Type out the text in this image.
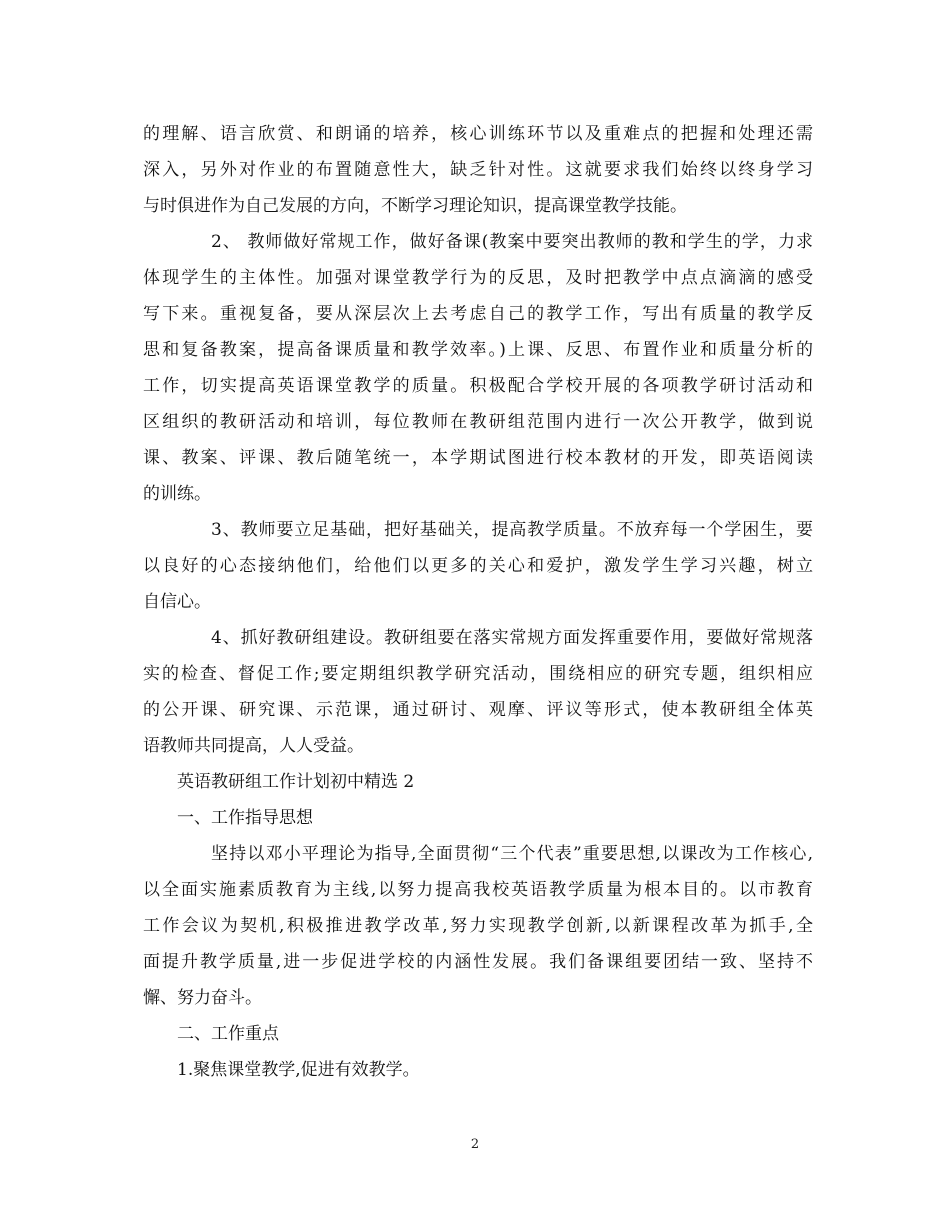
的理解、语言欣赏、和朗诵的培养，核心训练环节以及重难点的把握和处理还需
深入，另外对作业的布置随意性大，缺乏针对性。这就要求我们始终以终身学习
与时俱进作为自己发展的方向，不断学习理论知识，提高课堂教学技能。
2、 教师做好常规工作，做好备课(教案中要突出教师的教和学生的学，力求
体现学生的主体性。加强对课堂教学行为的反思，及时把教学中点点滴滴的感受
写下来。重视复备，要从深层次上去考虑自己的教学工作，写出有质量的教学反
思和复备教案，提高备课质量和教学效率。)上课、反思、布置作业和质量分析的
工作，切实提高英语课堂教学的质量。积极配合学校开展的各项教学研讨活动和
区组织的教研活动和培训，每位教师在教研组范围内进行一次公开教学，做到说
课、教案、评课、教后随笔统一，本学期试图进行校本教材的开发，即英语阅读
的训练。
3、教师要立足基础，把好基础关，提高教学质量。不放弃每一个学困生，要
以良好的心态接纳他们，给他们以更多的关心和爱护，激发学生学习兴趣，树立
自信心。
4、抓好教研组建设。教研组要在落实常规方面发挥重要作用，要做好常规落
实的检查、督促工作;要定期组织教学研究活动，围绕相应的研究专题，组织相应
的公开课、研究课、示范课，通过研讨、观摩、评议等形式，使本教研组全体英
语教师共同提高，人人受益。
英语教研组工作计划初中精选 2
一、工作指导思想
坚持以邓小平理论为指导,全面贯彻“三个代表”重要思想,以课改为工作核心,
以全面实施素质教育为主线,以努力提高我校英语教学质量为根本目的。以市教育
工作会议为契机,积极推进教学改革,努力实现教学创新,以新课程改革为抓手,全
面提升教学质量,进一步促进学校的内涵性发展。我们备课组要团结一致、坚持不
懈、努力奋斗。
二、工作重点
1.聚焦课堂教学,促进有效教学。
2
